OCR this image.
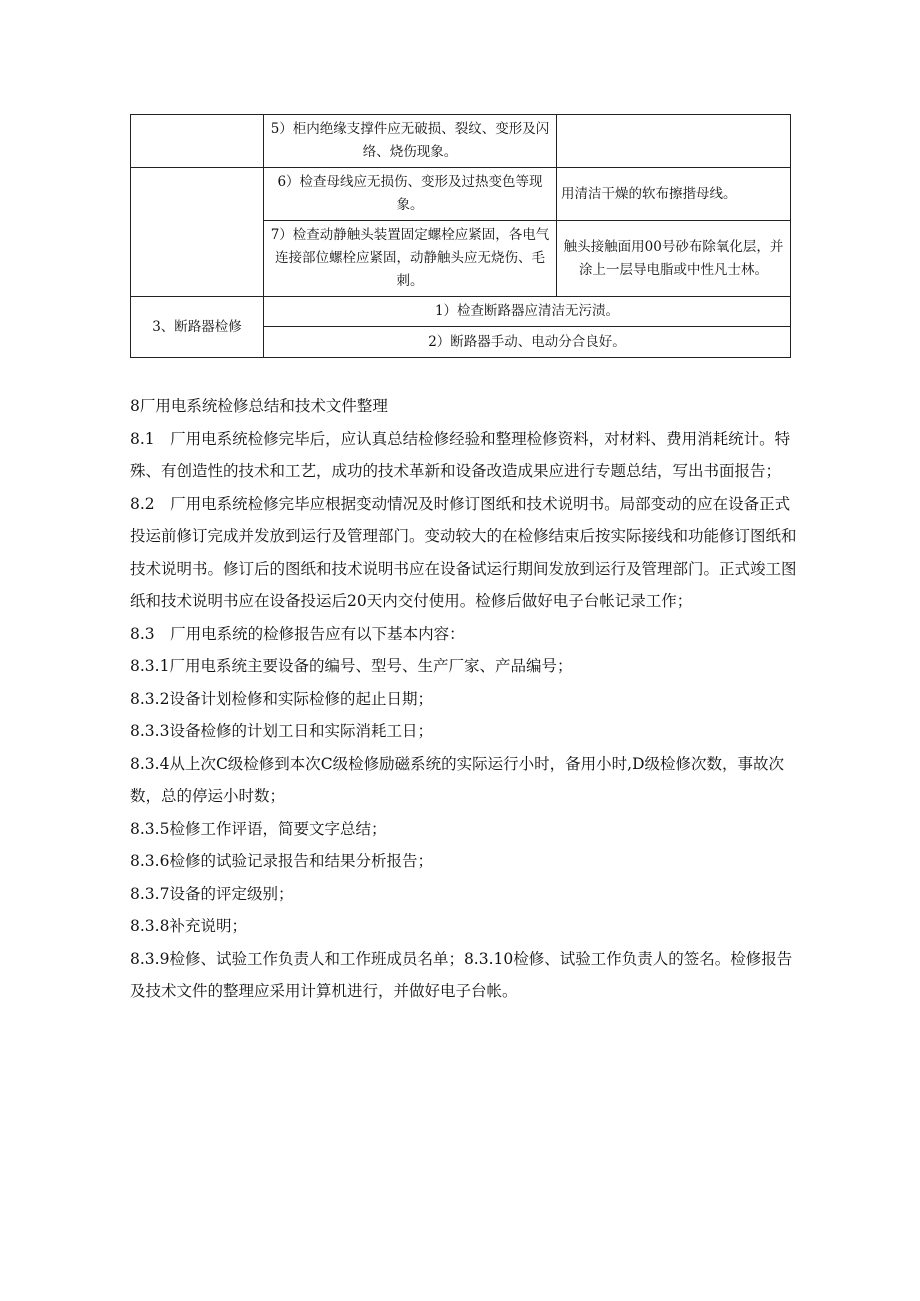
	5）柜内绝缘支撑件应无破损、裂纹、变形及闪络、烧伤现象。	
	6）检查母线应无损伤、变形及过热变色等现象。	用清洁干燥的软布擦揩母线。
	7）检查动静触头装置固定螺栓应紧固，各电气连接部位螺栓应紧固，动静触头应无烧伤、毛刺。	触头接触面用00号砂布除氧化层，并涂上一层导电脂或中性凡士林。
3、断路器检修	1）检查断路器应清洁无污渍。	
	2）断路器手动、电动分合良好。	

8厂用电系统检修总结和技术文件整理

8.1　厂用电系统检修完毕后，应认真总结检修经验和整理检修资料，对材料、费用消耗统计。特殊、有创造性的技术和工艺，成功的技术革新和设备改造成果应进行专题总结，写出书面报告；

8.2　厂用电系统检修完毕应根据变动情况及时修订图纸和技术说明书。局部变动的应在设备正式投运前修订完成并发放到运行及管理部门。变动较大的在检修结束后按实际接线和功能修订图纸和技术说明书。修订后的图纸和技术说明书应在设备试运行期间发放到运行及管理部门。正式竣工图纸和技术说明书应在设备投运后20天内交付使用。检修后做好电子台帐记录工作；

8.3　厂用电系统的检修报告应有以下基本内容：

8.3.1厂用电系统主要设备的编号、型号、生产厂家、产品编号；

8.3.2设备计划检修和实际检修的起止日期；

8.3.3设备检修的计划工日和实际消耗工日；

8.3.4从上次C级检修到本次C级检修励磁系统的实际运行小时，备用小时,D级检修次数，事故次数，总的停运小时数；

8.3.5检修工作评语，简要文字总结；

8.3.6检修的试验记录报告和结果分析报告；

8.3.7设备的评定级别；

8.3.8补充说明；

8.3.9检修、试验工作负责人和工作班成员名单；8.3.10检修、试验工作负责人的签名。检修报告及技术文件的整理应采用计算机进行，并做好电子台帐。
